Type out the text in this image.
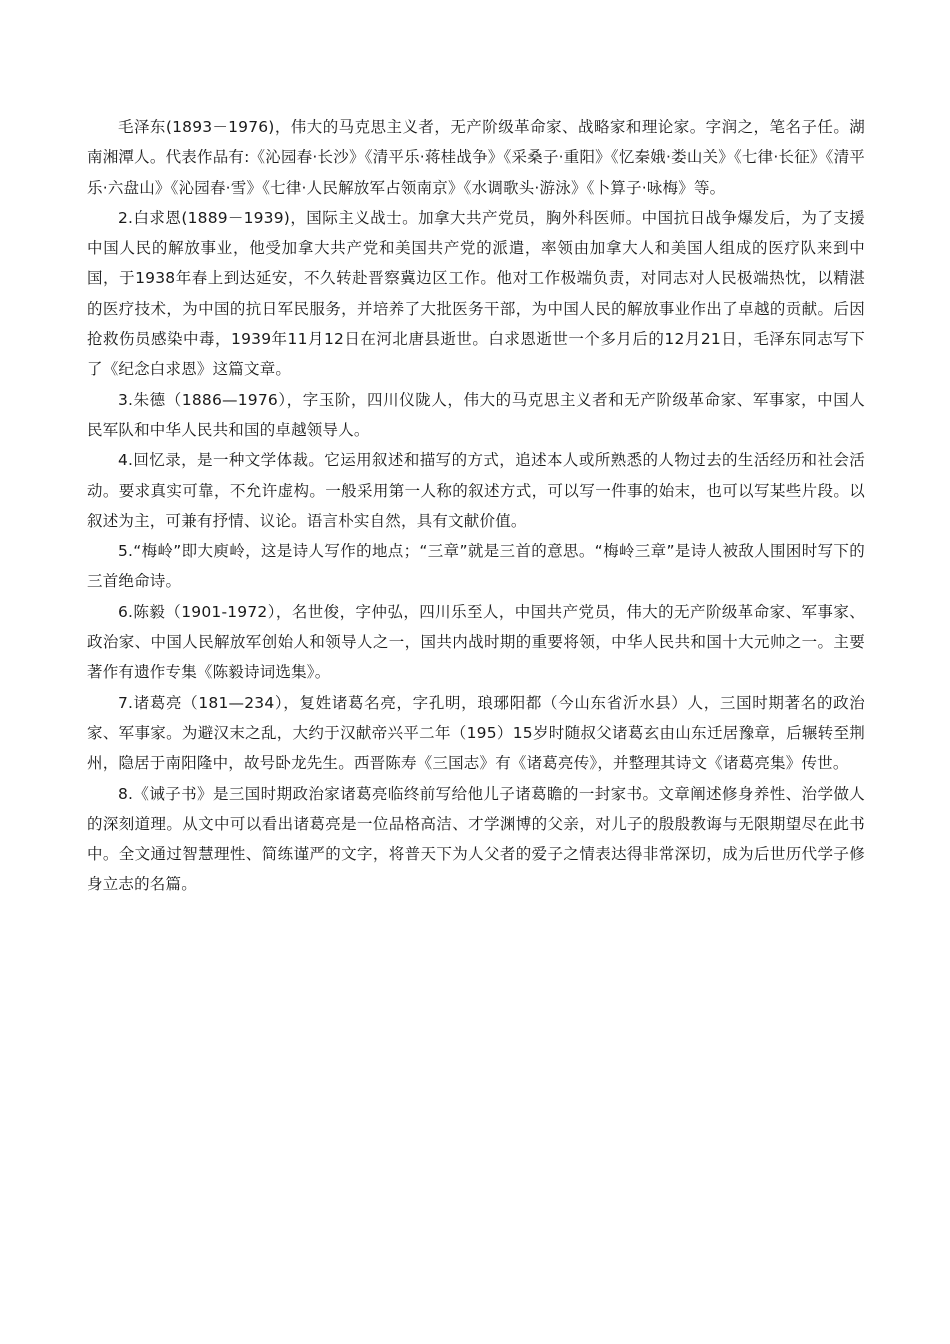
毛泽东(1893－1976)，伟大的马克思主义者，无产阶级革命家、战略家和理论家。字润之，笔名子任。湖南湘潭人。代表作品有:《沁园春·长沙》《清平乐·蒋桂战争》《采桑子·重阳》《忆秦娥·娄山关》《七律·长征》《清平乐·六盘山》《沁园春·雪》《七律·人民解放军占领南京》《水调歌头·游泳》《卜算子·咏梅》等。

2.白求恩(1889－1939)，国际主义战士。加拿大共产党员，胸外科医师。中国抗日战争爆发后，为了支援中国人民的解放事业，他受加拿大共产党和美国共产党的派遣，率领由加拿大人和美国人组成的医疗队来到中国，于1938年春上到达延安，不久转赴晋察冀边区工作。他对工作极端负责，对同志对人民极端热忱，以精湛的医疗技术，为中国的抗日军民服务，并培养了大批医务干部，为中国人民的解放事业作出了卓越的贡献。后因抢救伤员感染中毒，1939年11月12日在河北唐县逝世。白求恩逝世一个多月后的12月21日，毛泽东同志写下了《纪念白求恩》这篇文章。

3.朱德（1886—1976），字玉阶，四川仪陇人，伟大的马克思主义者和无产阶级革命家、军事家，中国人民军队和中华人民共和国的卓越领导人。

4.回忆录，是一种文学体裁。它运用叙述和描写的方式，追述本人或所熟悉的人物过去的生活经历和社会活动。要求真实可靠，不允许虚构。一般采用第一人称的叙述方式，可以写一件事的始末，也可以写某些片段。以叙述为主，可兼有抒情、议论。语言朴实自然，具有文献价值。

5.“梅岭”即大庾岭，这是诗人写作的地点；“三章”就是三首的意思。“梅岭三章”是诗人被敌人围困时写下的三首绝命诗。

6.陈毅（1901-1972），名世俊，字仲弘，四川乐至人，中国共产党员，伟大的无产阶级革命家、军事家、政治家、中国人民解放军创始人和领导人之一，国共内战时期的重要将领，中华人民共和国十大元帅之一。主要著作有遗作专集《陈毅诗词选集》。

7.诸葛亮（181—234），复姓诸葛名亮，字孔明，琅琊阳都（今山东省沂水县）人，三国时期著名的政治家、军事家。为避汉末之乱，大约于汉献帝兴平二年（195）15岁时随叔父诸葛玄由山东迁居豫章，后辗转至荆州，隐居于南阳隆中，故号卧龙先生。西晋陈寿《三国志》有《诸葛亮传》，并整理其诗文《诸葛亮集》传世。

8.《诫子书》是三国时期政治家诸葛亮临终前写给他儿子诸葛瞻的一封家书。文章阐述修身养性、治学做人的深刻道理。从文中可以看出诸葛亮是一位品格高洁、才学渊博的父亲，对儿子的殷殷教诲与无限期望尽在此书中。全文通过智慧理性、简练谨严的文字，将普天下为人父者的爱子之情表达得非常深切，成为后世历代学子修身立志的名篇。
